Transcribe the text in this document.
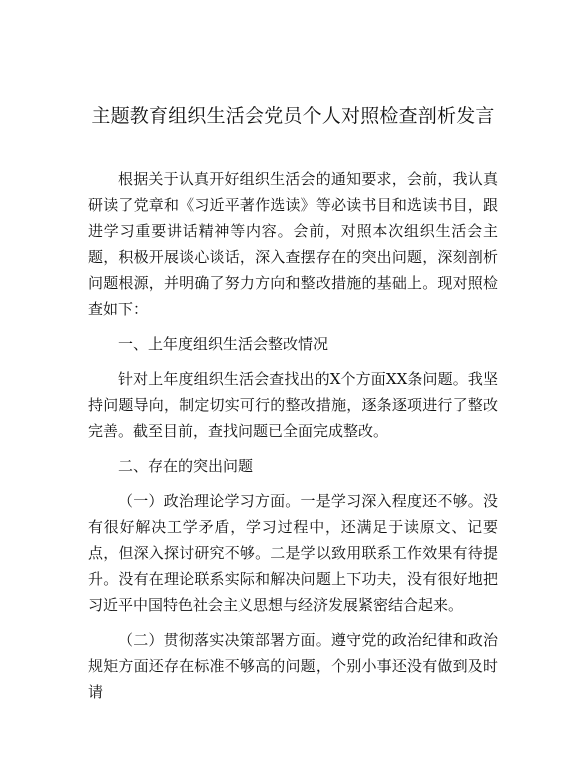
主题教育组织生活会党员个人对照检查剖析发言

根据关于认真开好组织生活会的通知要求，会前，我认真研读了党章和《习近平著作选读》等必读书目和选读书目，跟进学习重要讲话精神等内容。会前，对照本次组织生活会主题，积极开展谈心谈话，深入查摆存在的突出问题，深刻剖析问题根源，并明确了努力方向和整改措施的基础上。现对照检查如下：

一、上年度组织生活会整改情况

针对上年度组织生活会查找出的X个方面XX条问题。我坚持问题导向，制定切实可行的整改措施，逐条逐项进行了整改完善。截至目前，查找问题已全面完成整改。

二、存在的突出问题

（一）政治理论学习方面。一是学习深入程度还不够。没有很好解决工学矛盾，学习过程中，还满足于读原文、记要点，但深入探讨研究不够。二是学以致用联系工作效果有待提升。没有在理论联系实际和解决问题上下功夫，没有很好地把习近平中国特色社会主义思想与经济发展紧密结合起来。

（二）贯彻落实决策部署方面。遵守党的政治纪律和政治规矩方面还存在标准不够高的问题，个别小事还没有做到及时请
